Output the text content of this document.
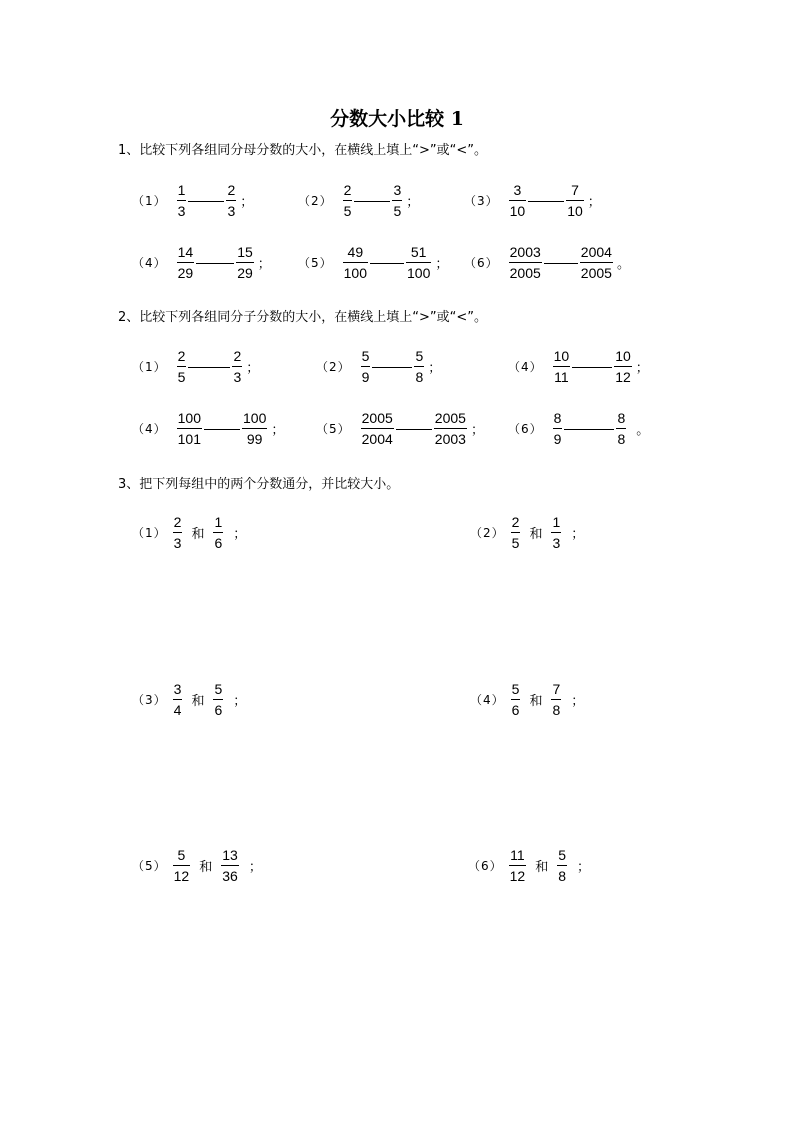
分数大小比较 1
1、比较下列各组同分母分数的大小，在横线上填上“>”或“<”。
$(1) \frac{1}{3}$	$\frac{2}{3}$ ；	$(2) \frac{2}{5}$	$\frac{3}{5}$ ；	$(3) \frac{3}{10}$	$\frac{7}{10}$ ；
$(4) \frac{14}{29}$	$\frac{15}{29}$ ； $(5) \frac{49}{100}$	$\frac{51}{100}$ ； $(6) \frac{2003}{2005}$	$\frac{2004}{2005}$ 。
2、比较下列各组同分子分数的大小，在横线上填上“>”或“<”。
$(1) \frac{2}{5}$	$\frac{2}{3}$ ；	$(2) \frac{5}{9}$	$\frac{5}{8}$ ；	$(4) \frac{10}{11}$	$\frac{10}{12}$ ；
$(4) \frac{100}{101}$	$\frac{100}{99}$ ；	$(5) \frac{2005}{2004}$	$\frac{2005}{2003}$ ； $(6) \frac{8}{9}$	$\frac{8}{8}$ 。
3、把下列每组中的两个分数通分，并比较大小。
$(1) \frac{2}{3}$ 和 $\frac{1}{6}$ ；	$(2) \frac{2}{5}$ 和 $\frac{1}{3}$ ；
$(3) \frac{3}{4}$ 和 $\frac{5}{6}$ ；	$(4) \frac{5}{6}$ 和 $\frac{7}{8}$ ；
$(5) \frac{5}{12}$ 和 $\frac{13}{36}$ ；	$(6) \frac{11}{12}$ 和 $\frac{5}{8}$ ；
